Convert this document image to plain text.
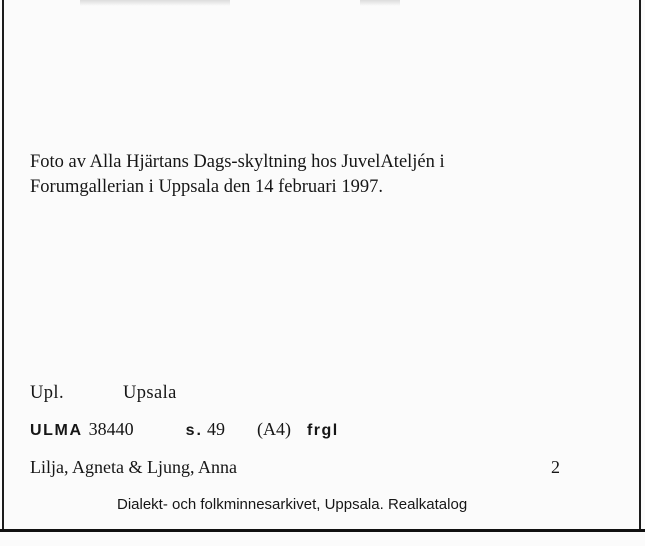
Foto av Alla Hjärtans Dags-skyltning hos JuvelAteljén i
Forumgallerian i Uppsala den 14 februari 1997.
Upl.	Upsala
ULMA 38440	s. 49 (A4) frgl
Lilja, Agneta & Ljung, Anna	2
Dialekt- och folkminnesarkivet, Uppsala. Realkatalog
